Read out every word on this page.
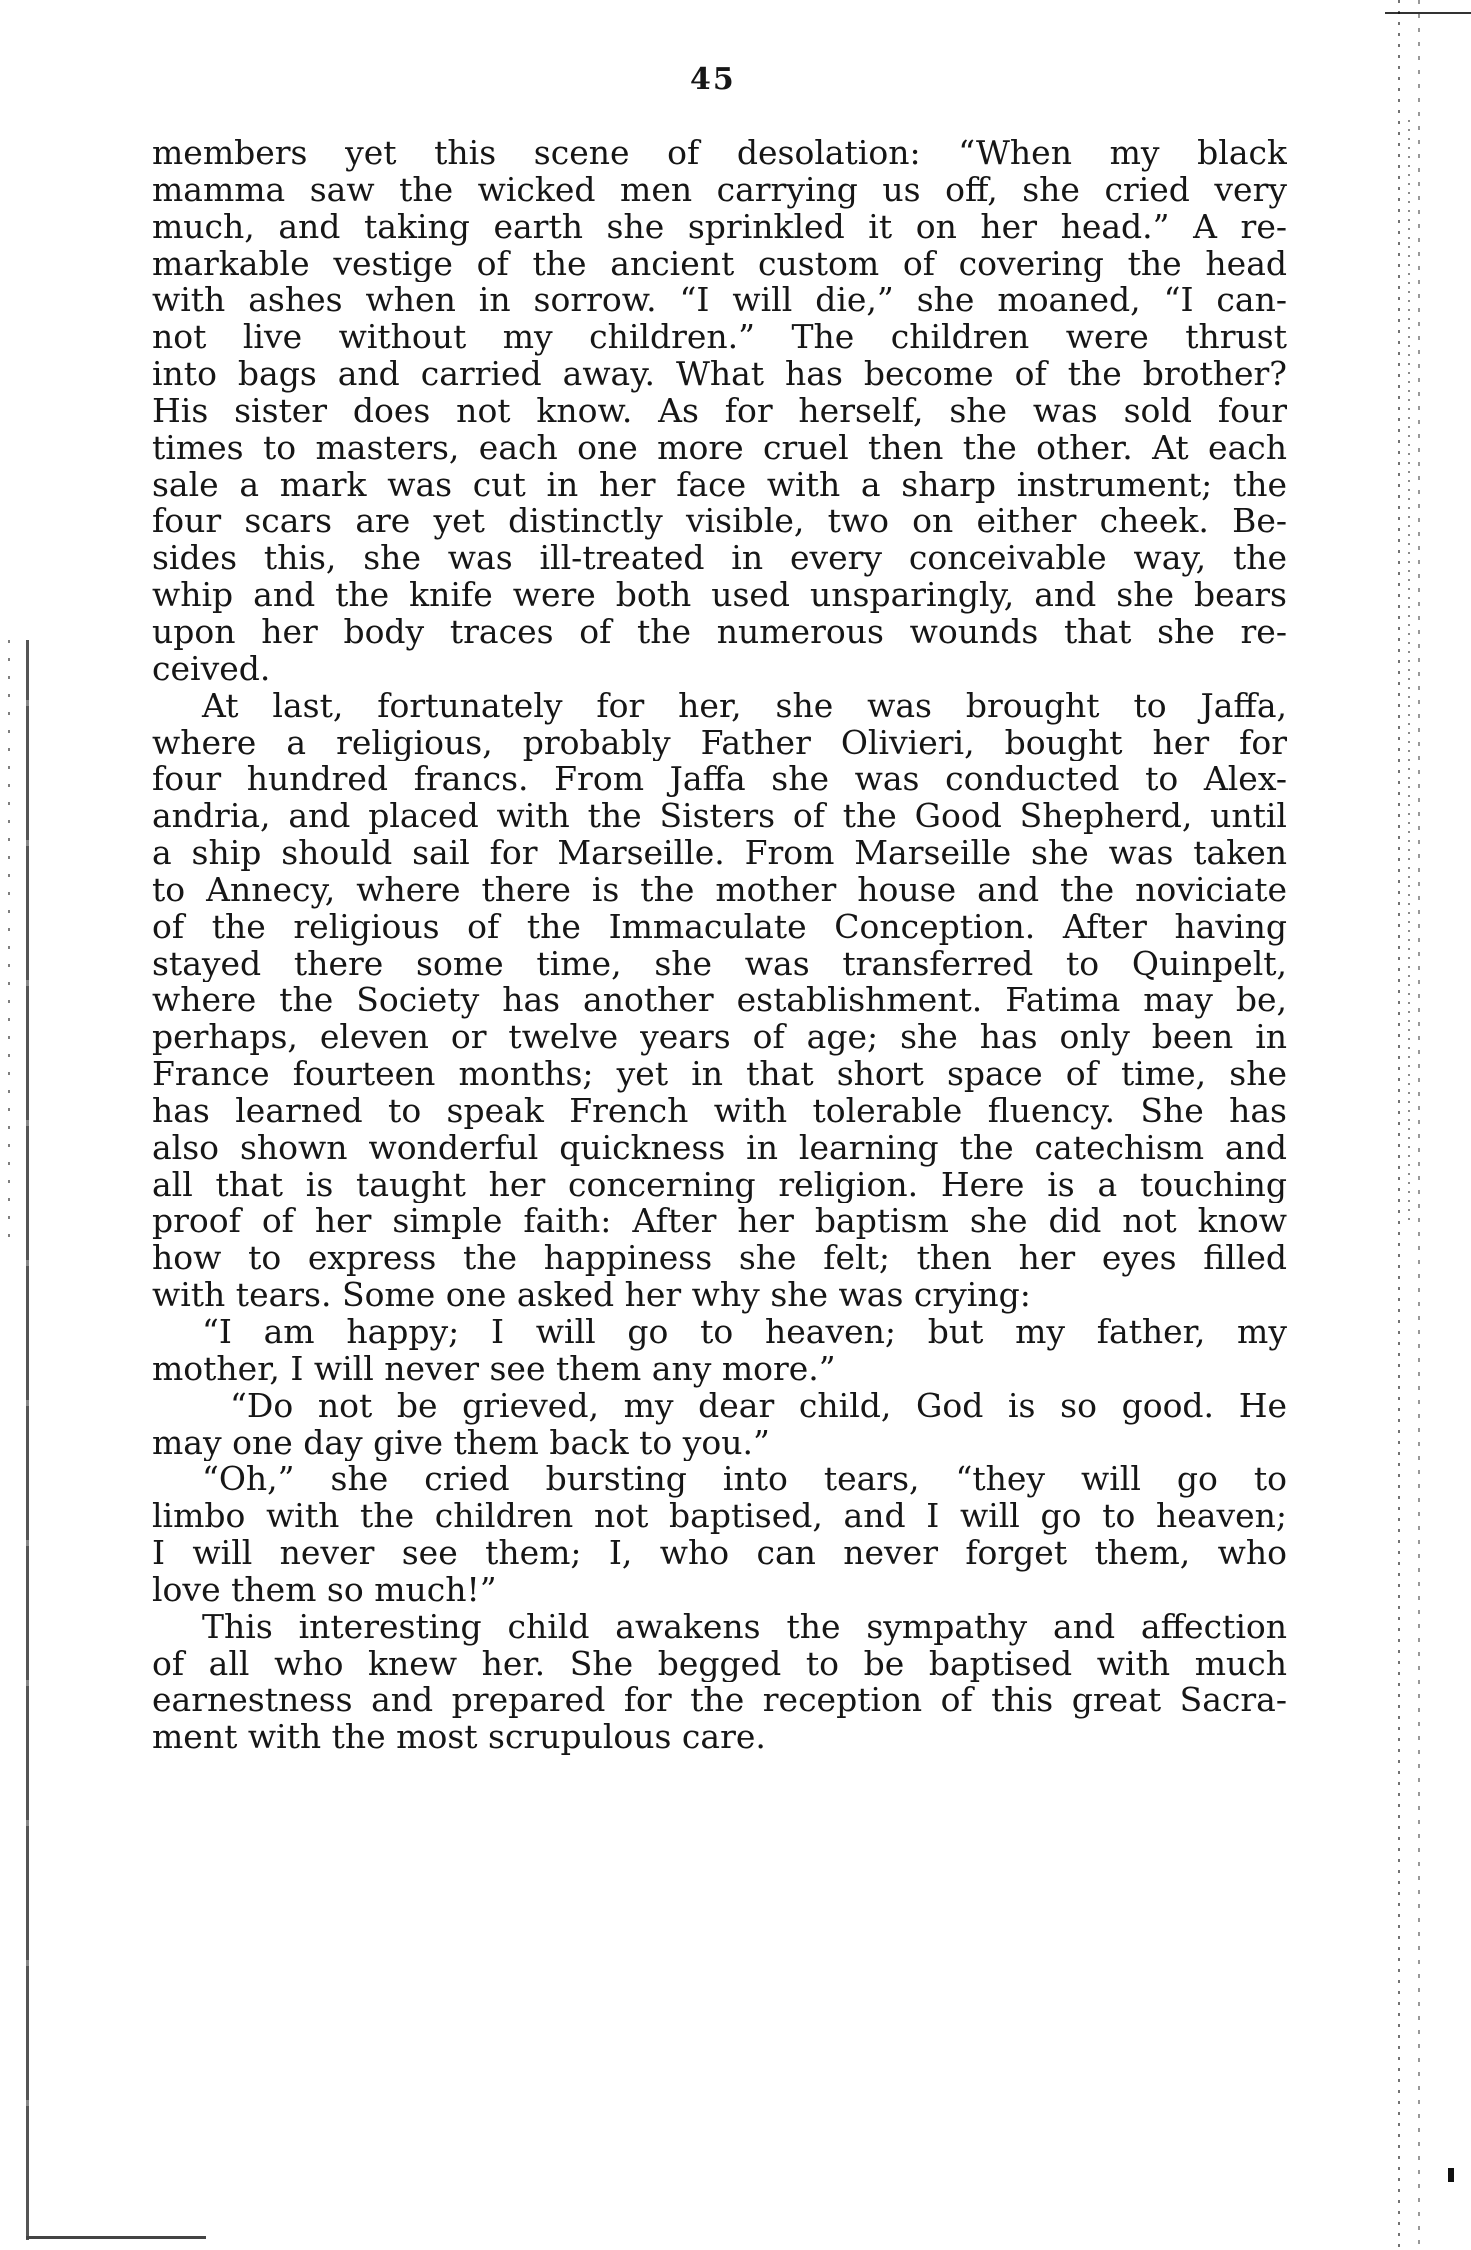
45
members yet this scene of desolation: “When my black
mamma saw the wicked men carrying us off, she cried very
much, and taking earth she sprinkled it on her head.” A re-
markable vestige of the ancient custom of covering the head
with ashes when in sorrow. “I will die,” she moaned, “I can-
not live without my children.” The children were thrust
into bags and carried away. What has become of the brother?
His sister does not know. As for herself, she was sold four
times to masters, each one more cruel then the other. At each
sale a mark was cut in her face with a sharp instrument; the
four scars are yet distinctly visible, two on either cheek. Be-
sides this, she was ill-treated in every conceivable way, the
whip and the knife were both used unsparingly, and she bears
upon her body traces of the numerous wounds that she re-
ceived.
At last, fortunately for her, she was brought to Jaffa,
where a religious, probably Father Olivieri, bought her for
four hundred francs. From Jaffa she was conducted to Alex-
andria, and placed with the Sisters of the Good Shepherd, until
a ship should sail for Marseille. From Marseille she was taken
to Annecy, where there is the mother house and the noviciate
of the religious of the Immaculate Conception. After having
stayed there some time, she was transferred to Quinpelt,
where the Society has another establishment. Fatima may be,
perhaps, eleven or twelve years of age; she has only been in
France fourteen months; yet in that short space of time, she
has learned to speak French with tolerable fluency. She has
also shown wonderful quickness in learning the catechism and
all that is taught her concerning religion. Here is a touching
proof of her simple faith: After her baptism she did not know
how to express the happiness she felt; then her eyes filled
with tears. Some one asked her why she was crying:
“I am happy; I will go to heaven; but my father, my
mother, I will never see them any more.”
“Do not be grieved, my dear child, God is so good. He
may one day give them back to you.”
“Oh,” she cried bursting into tears, “they will go to
limbo with the children not baptised, and I will go to heaven;
I will never see them; I, who can never forget them, who
love them so much!”
This interesting child awakens the sympathy and affection
of all who knew her. She begged to be baptised with much
earnestness and prepared for the reception of this great Sacra-
ment with the most scrupulous care.
